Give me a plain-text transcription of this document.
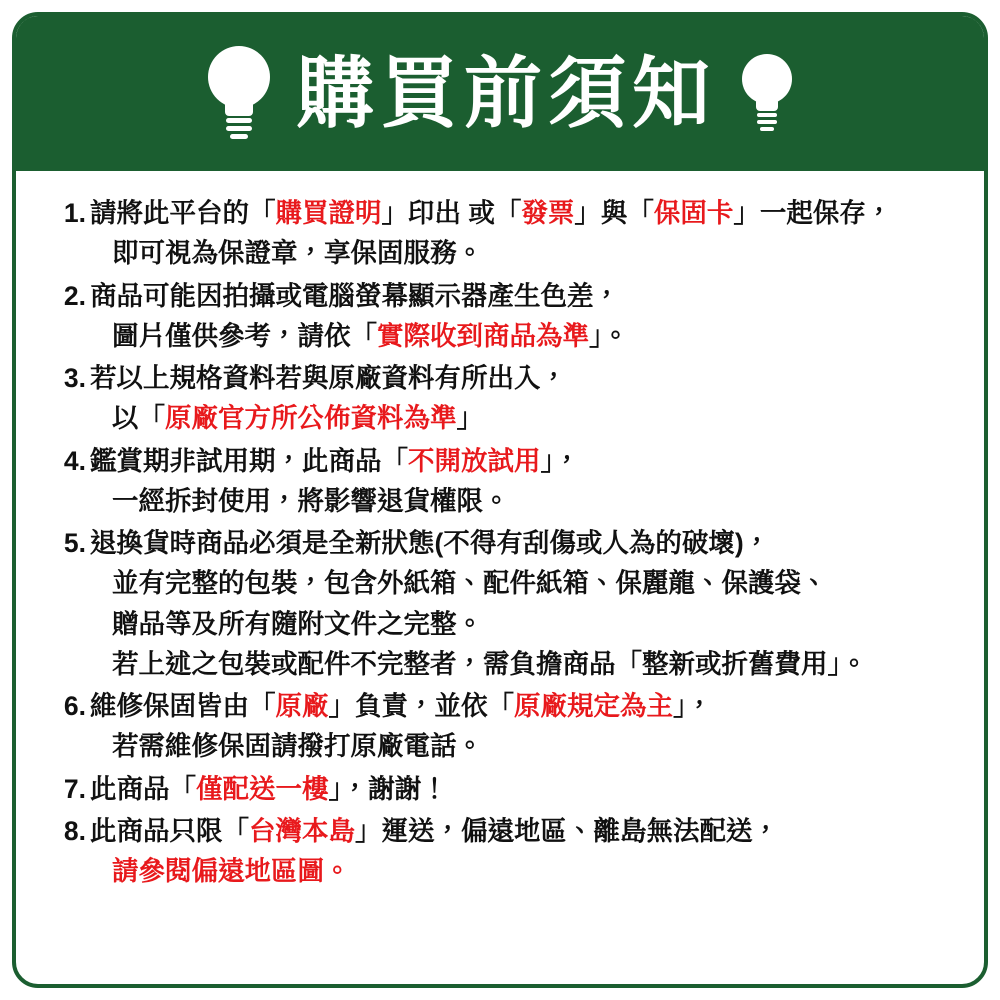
購買前須知
1. 請將此平台的「購買證明」印出 或「發票」與「保固卡」一起保存，
即可視為保證章，享保固服務。
2. 商品可能因拍攝或電腦螢幕顯示器產生色差，
圖片僅供參考，請依「實際收到商品為準」。
3. 若以上規格資料若與原廠資料有所出入，
以「原廠官方所公佈資料為準」
4. 鑑賞期非試用期，此商品「不開放試用」，
一經拆封使用，將影響退貨權限。
5. 退換貨時商品必須是全新狀態(不得有刮傷或人為的破壞)，
並有完整的包裝，包含外紙箱、配件紙箱、保麗龍、保護袋、
贈品等及所有隨附文件之完整。
若上述之包裝或配件不完整者，需負擔商品「整新或折舊費用」。
6. 維修保固皆由「原廠」負責，並依「原廠規定為主」，
若需維修保固請撥打原廠電話。
7. 此商品「僅配送一樓」，謝謝！
8. 此商品只限「台灣本島」運送，偏遠地區、離島無法配送，
請參閱偏遠地區圖。
